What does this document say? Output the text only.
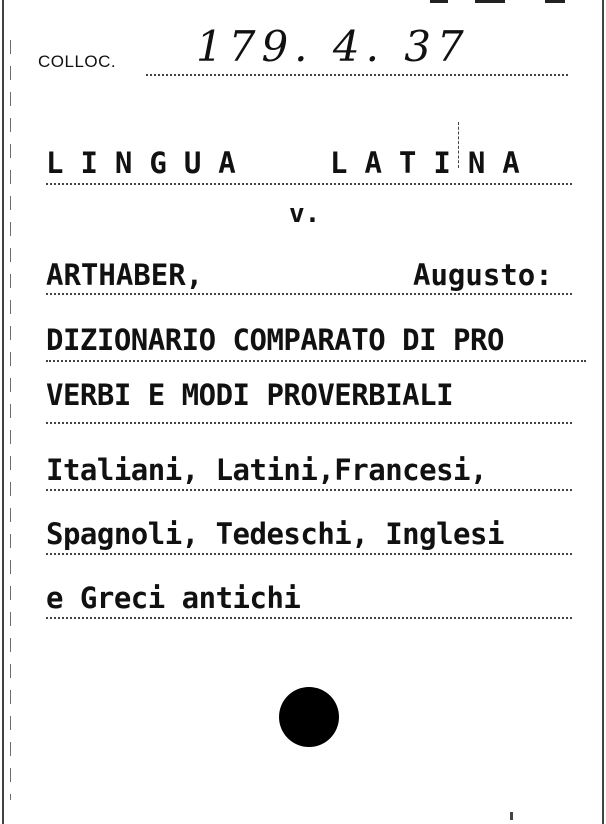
COLLOC. 179. 4. 37
LINGUA	LATINA
v.
ARTHABER,	Augusto:
DIZIONARIO COMPARATO DI PRO
VERBI E MODI PROVERBIALI
Italiani, Latini,Francesi,
Spagnoli, Tedeschi, Inglesi
e Greci antichi
